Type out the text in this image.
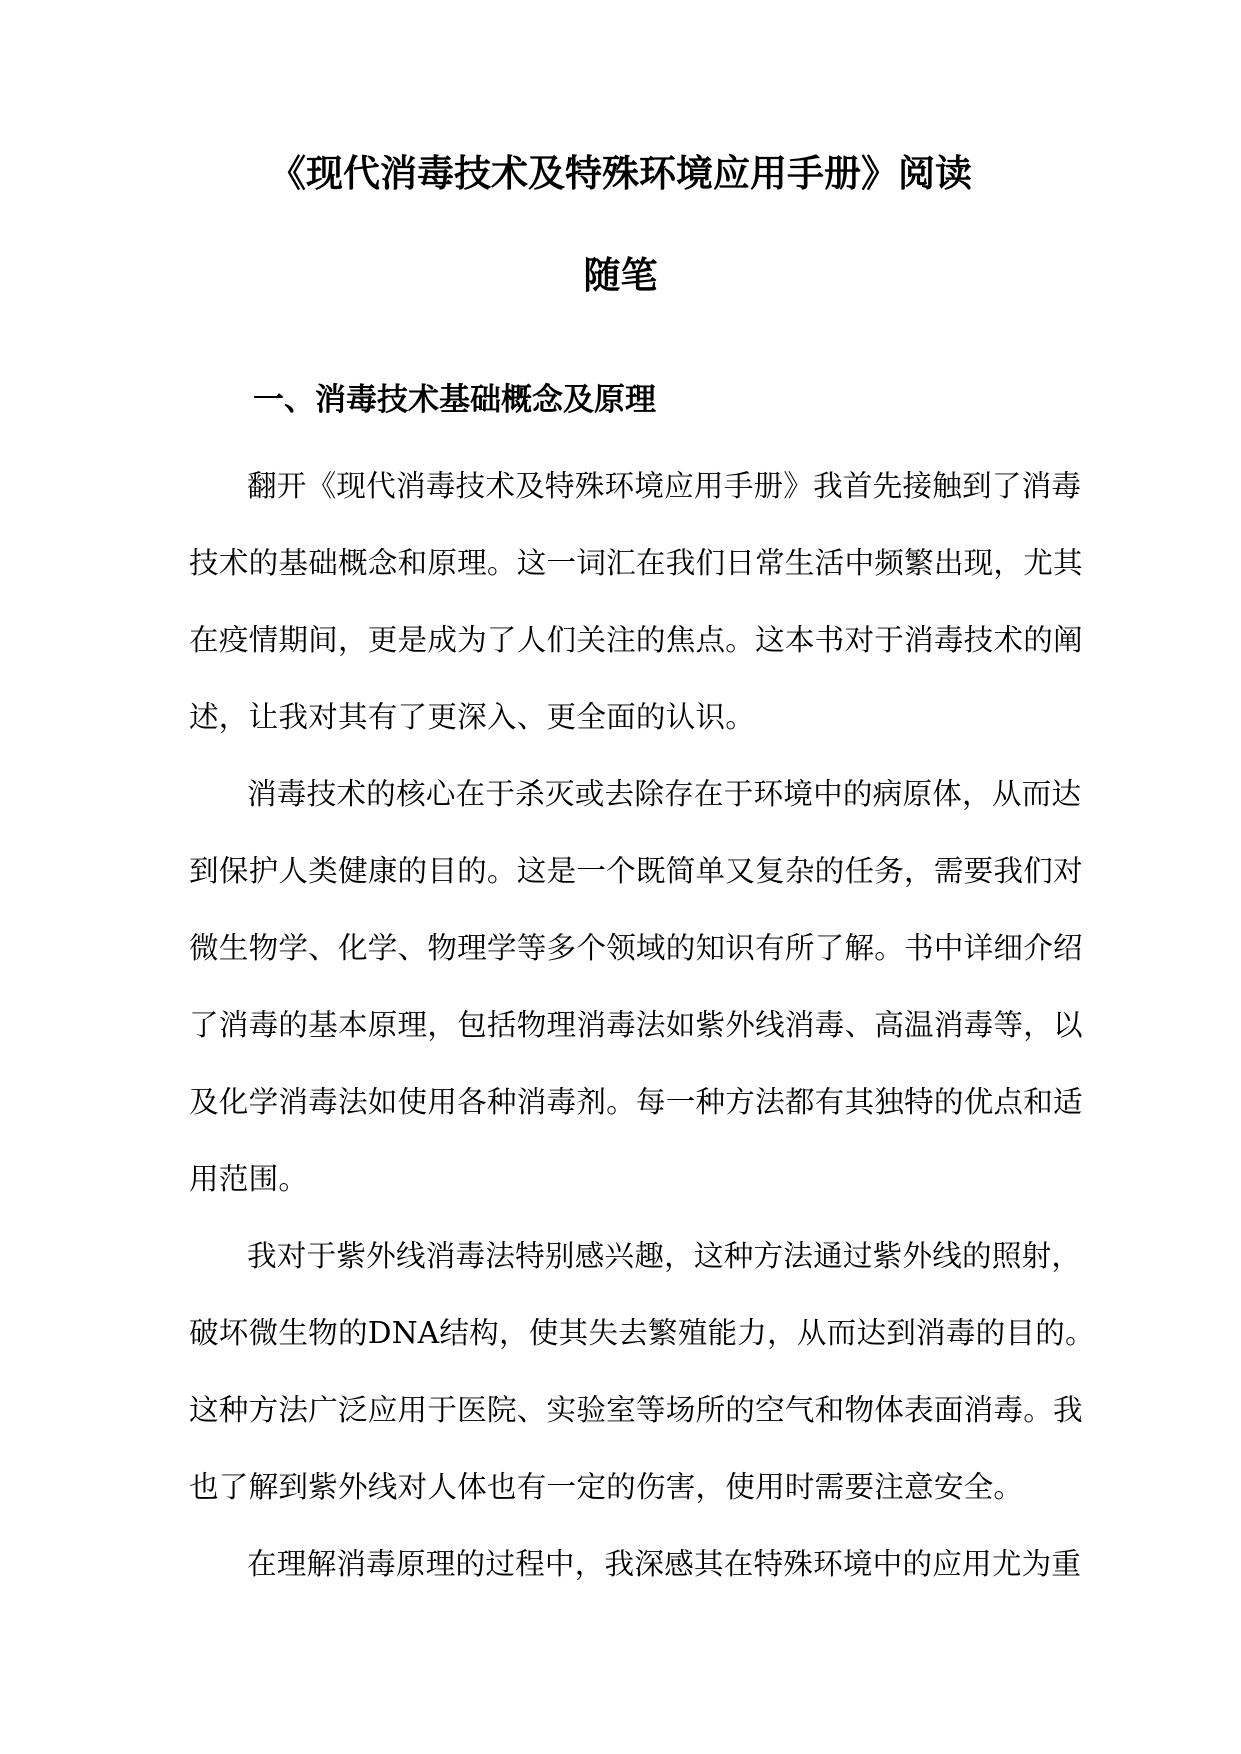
《现代消毒技术及特殊环境应用手册》阅读
随笔
一、消毒技术基础概念及原理
翻开《现代消毒技术及特殊环境应用手册》我首先接触到了消毒
技术的基础概念和原理。这一词汇在我们日常生活中频繁出现，尤其
在疫情期间，更是成为了人们关注的焦点。这本书对于消毒技术的阐
述，让我对其有了更深入、更全面的认识。
消毒技术的核心在于杀灭或去除存在于环境中的病原体，从而达
到保护人类健康的目的。这是一个既简单又复杂的任务，需要我们对
微生物学、化学、物理学等多个领域的知识有所了解。书中详细介绍
了消毒的基本原理，包括物理消毒法如紫外线消毒、高温消毒等，以
及化学消毒法如使用各种消毒剂。每一种方法都有其独特的优点和适
用范围。
我对于紫外线消毒法特别感兴趣，这种方法通过紫外线的照射，
破坏微生物的DNA结构，使其失去繁殖能力，从而达到消毒的目的。
这种方法广泛应用于医院、实验室等场所的空气和物体表面消毒。我
也了解到紫外线对人体也有一定的伤害，使用时需要注意安全。
在理解消毒原理的过程中，我深感其在特殊环境中的应用尤为重
